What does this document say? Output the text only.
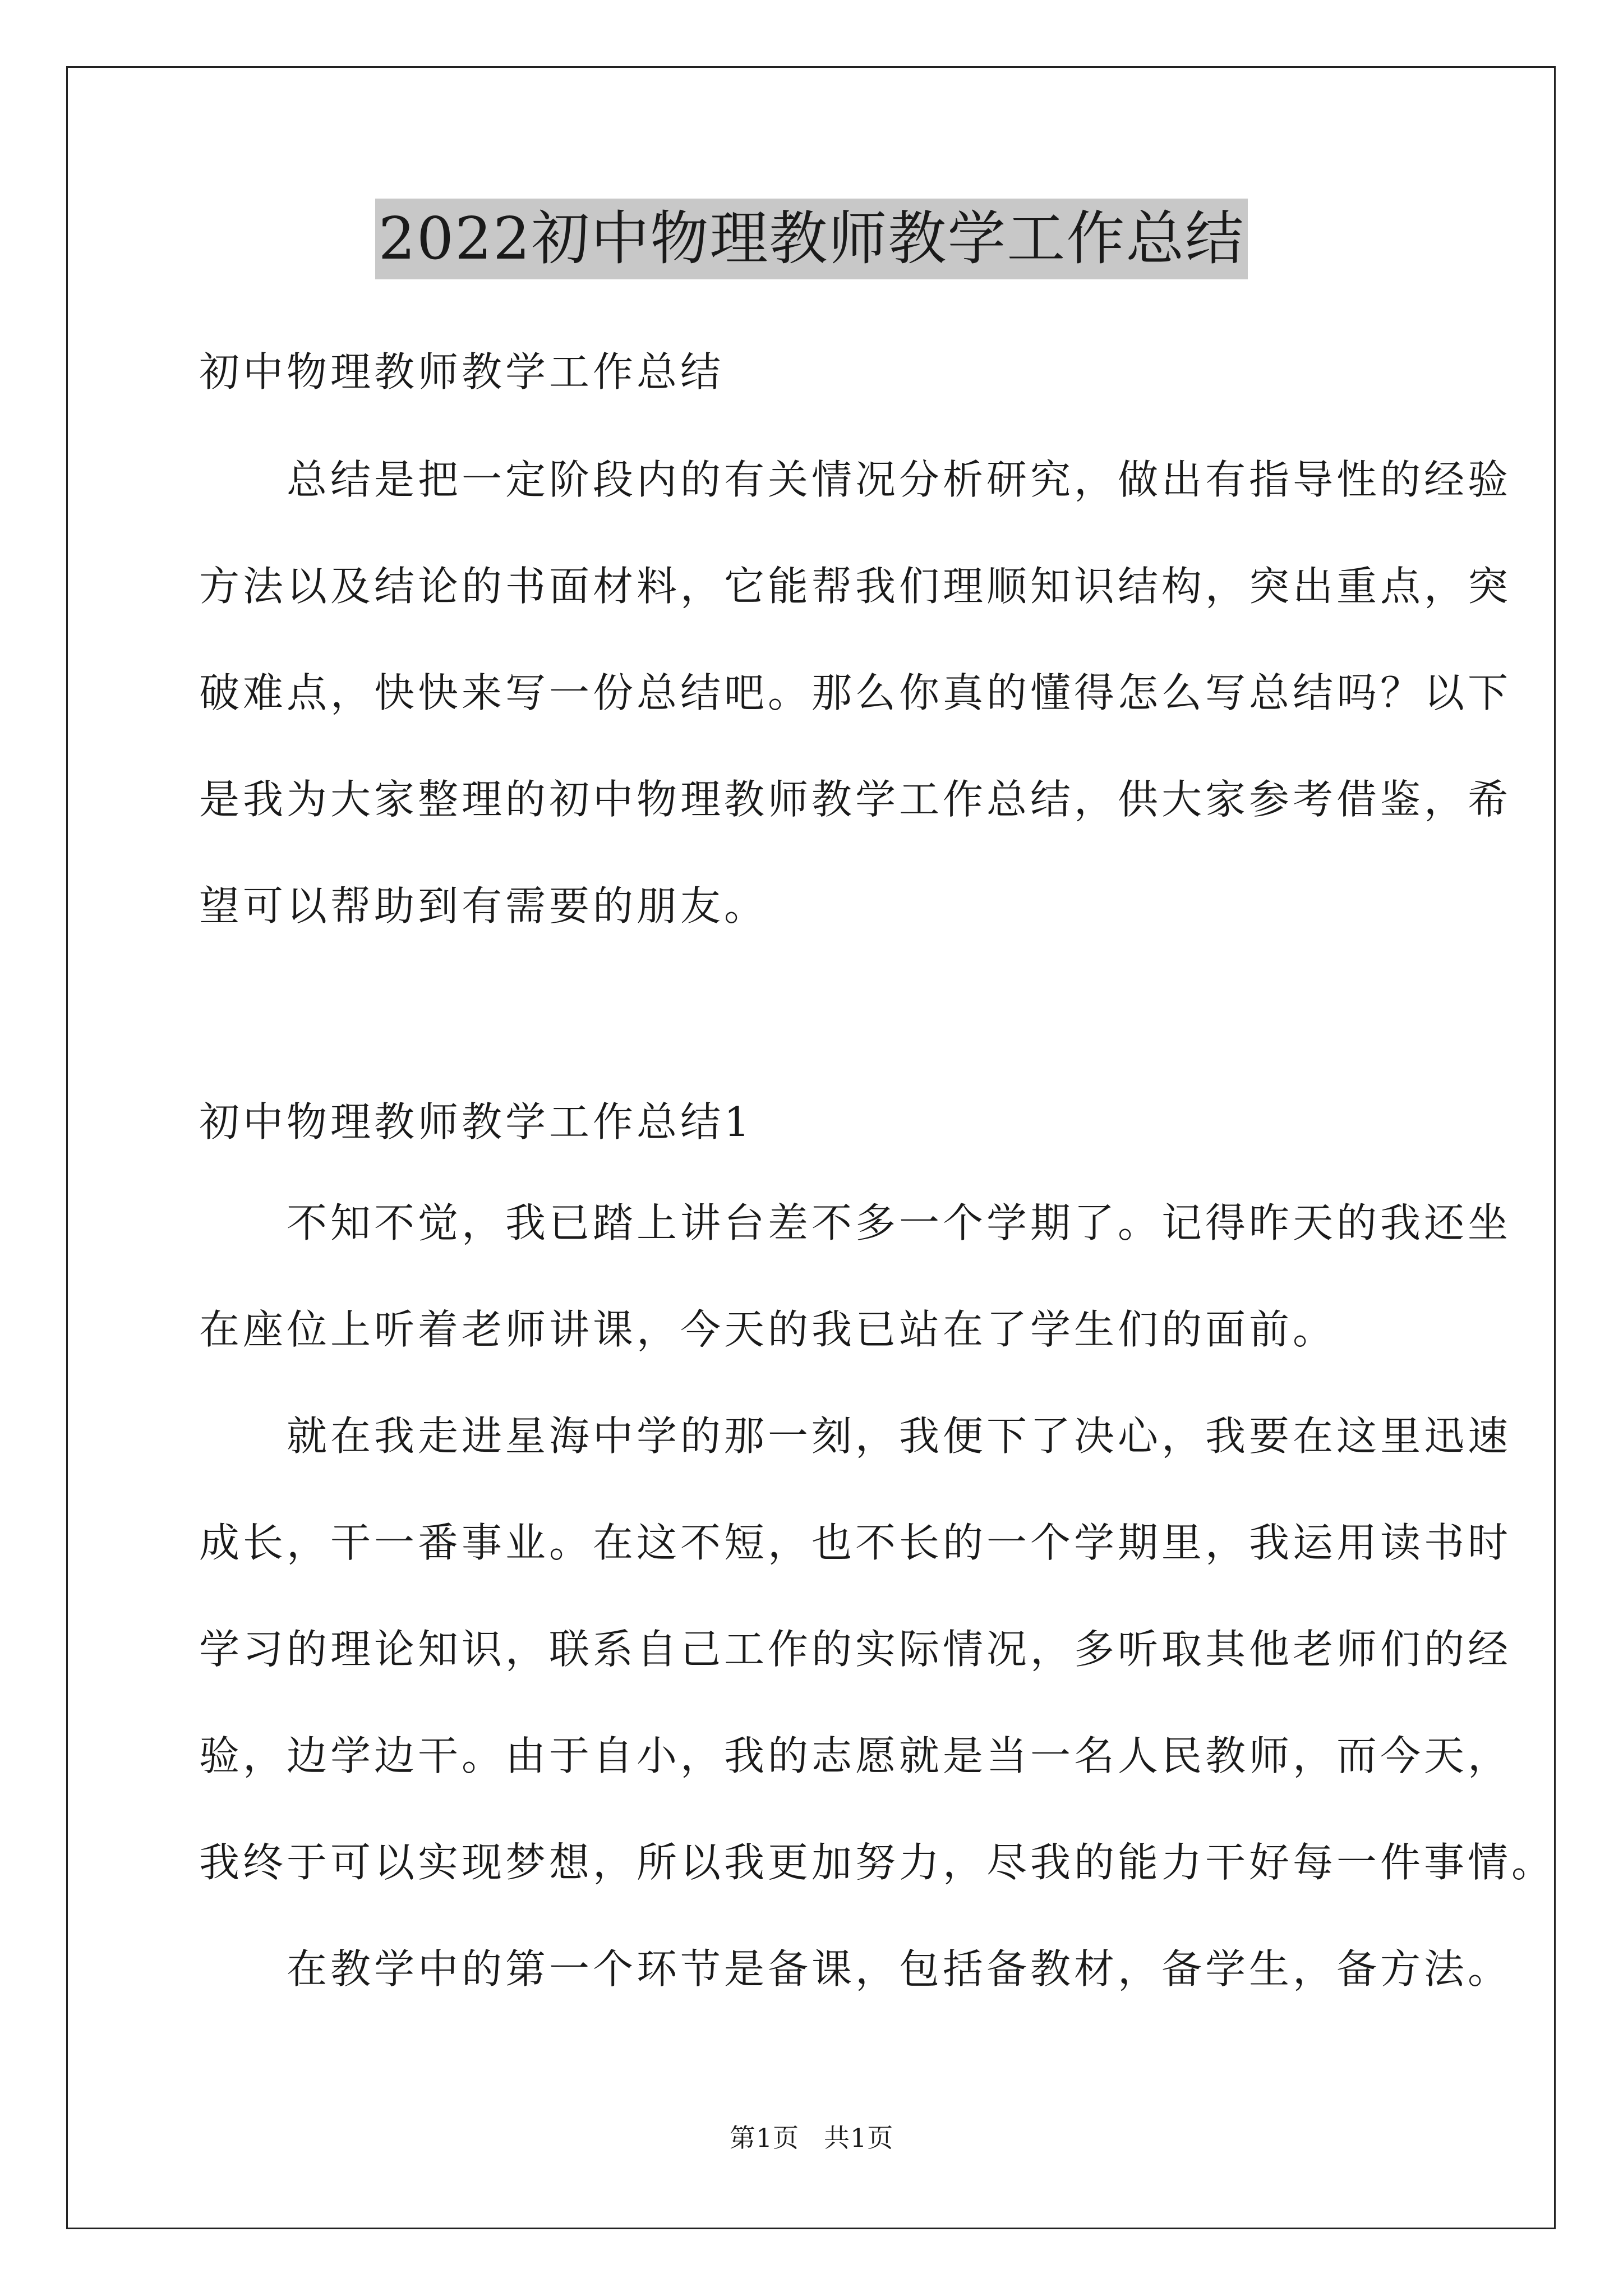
2022初中物理教师教学工作总结

初中物理教师教学工作总结

　　总结是把一定阶段内的有关情况分析研究，做出有指导性的经验
方法以及结论的书面材料，它能帮我们理顺知识结构，突出重点，突
破难点，快快来写一份总结吧。那么你真的懂得怎么写总结吗？以下
是我为大家整理的初中物理教师教学工作总结，供大家参考借鉴，希
望可以帮助到有需要的朋友。

初中物理教师教学工作总结1

　　不知不觉，我已踏上讲台差不多一个学期了。记得昨天的我还坐
在座位上听着老师讲课，今天的我已站在了学生们的面前。

　　就在我走进星海中学的那一刻，我便下了决心，我要在这里迅速
成长，干一番事业。在这不短，也不长的一个学期里，我运用读书时
学习的理论知识，联系自己工作的实际情况，多听取其他老师们的经
验，边学边干。由于自小，我的志愿就是当一名人民教师，而今天，
我终于可以实现梦想，所以我更加努力，尽我的能力干好每一件事情。

　　在教学中的第一个环节是备课，包括备教材，备学生，备方法。

第1页 共1页
